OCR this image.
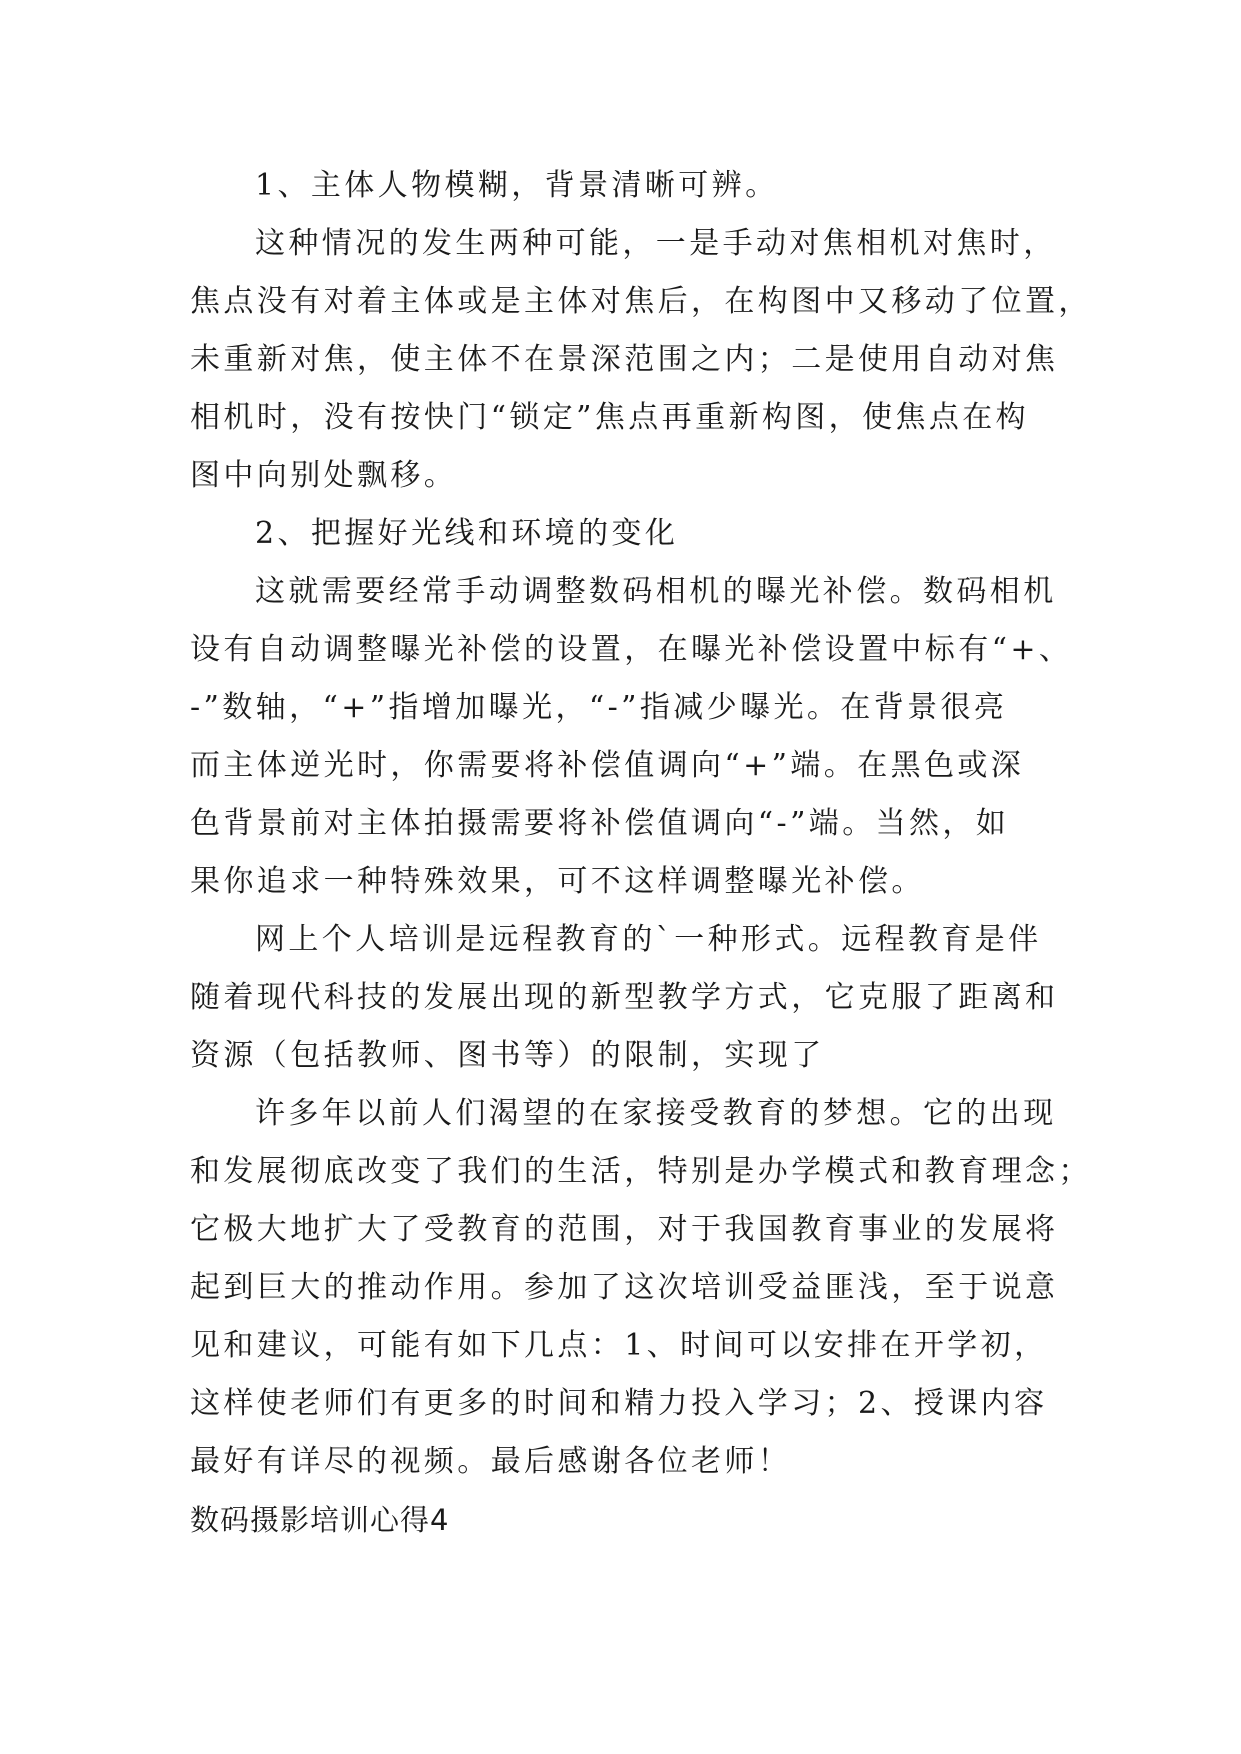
1、主体人物模糊，背景清晰可辨。
这种情况的发生两种可能，一是手动对焦相机对焦时，
焦点没有对着主体或是主体对焦后，在构图中又移动了位置，
未重新对焦，使主体不在景深范围之内；二是使用自动对焦
相机时，没有按快门“锁定”焦点再重新构图，使焦点在构
图中向别处飘移。
2、把握好光线和环境的变化
这就需要经常手动调整数码相机的曝光补偿。数码相机
设有自动调整曝光补偿的设置，在曝光补偿设置中标有“+、
-”数轴，“+”指增加曝光，“-”指减少曝光。在背景很亮
而主体逆光时，你需要将补偿值调向“+”端。在黑色或深
色背景前对主体拍摄需要将补偿值调向“-”端。当然，如
果你追求一种特殊效果，可不这样调整曝光补偿。
网上个人培训是远程教育的`一种形式。远程教育是伴
随着现代科技的发展出现的新型教学方式，它克服了距离和
资源（包括教师、图书等）的限制，实现了
许多年以前人们渴望的在家接受教育的梦想。它的出现
和发展彻底改变了我们的生活，特别是办学模式和教育理念；
它极大地扩大了受教育的范围，对于我国教育事业的发展将
起到巨大的推动作用。参加了这次培训受益匪浅，至于说意
见和建议，可能有如下几点：1、时间可以安排在开学初，
这样使老师们有更多的时间和精力投入学习；2、授课内容
最好有详尽的视频。最后感谢各位老师！
数码摄影培训心得4
